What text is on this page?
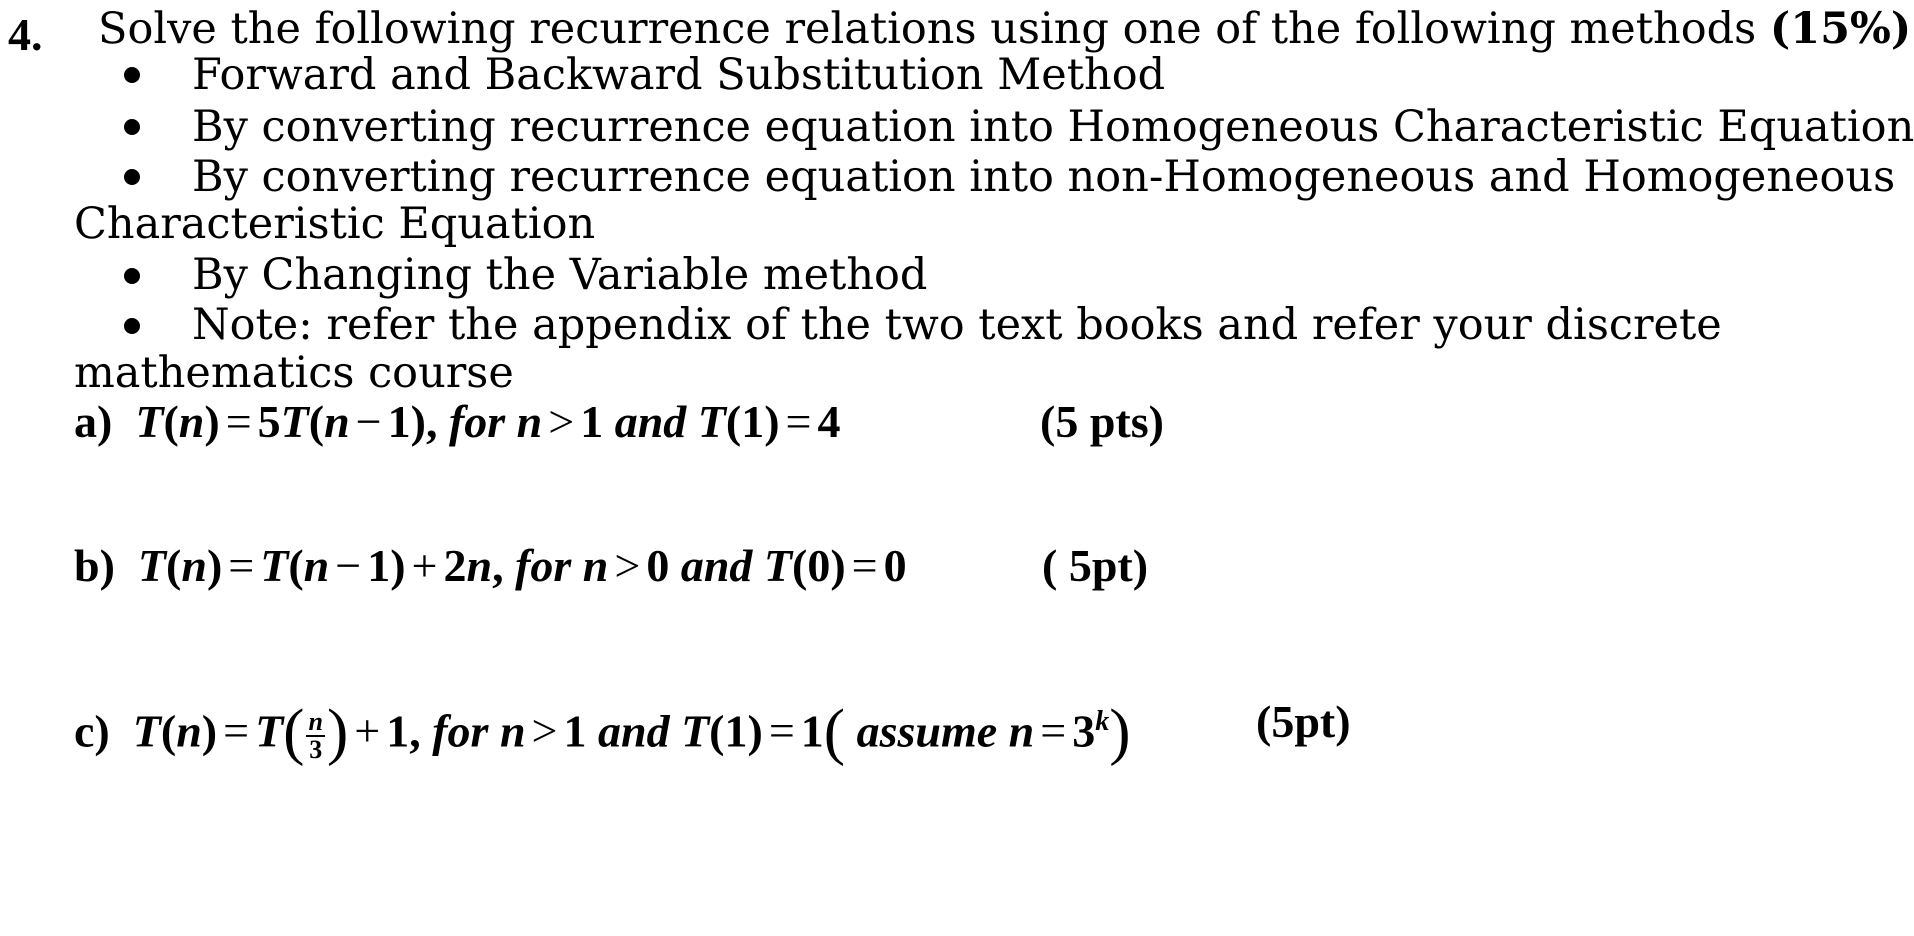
4. Solve the following recurrence relations using one of the following methods (15%)
Forward and Backward Substitution Method
By converting recurrence equation into Homogeneous Characteristic Equation
By converting recurrence equation into non-Homogeneous and Homogeneous
Characteristic Equation
By Changing the Variable method
Note: refer the appendix of the two text books and refer your discrete
mathematics course
a) T(n) = 5T(n − 1), for n > 1 and T(1) = 4	(5 pts)
b) T(n) = T(n − 1) + 2n, for n > 0 and T(0) = 0	( 5pt)
c) $T(n) = T( \frac{n}{3}$ ) + 1, for n > 1 and T(1) = 1( assume $n = 3^k$)	(5pt)
